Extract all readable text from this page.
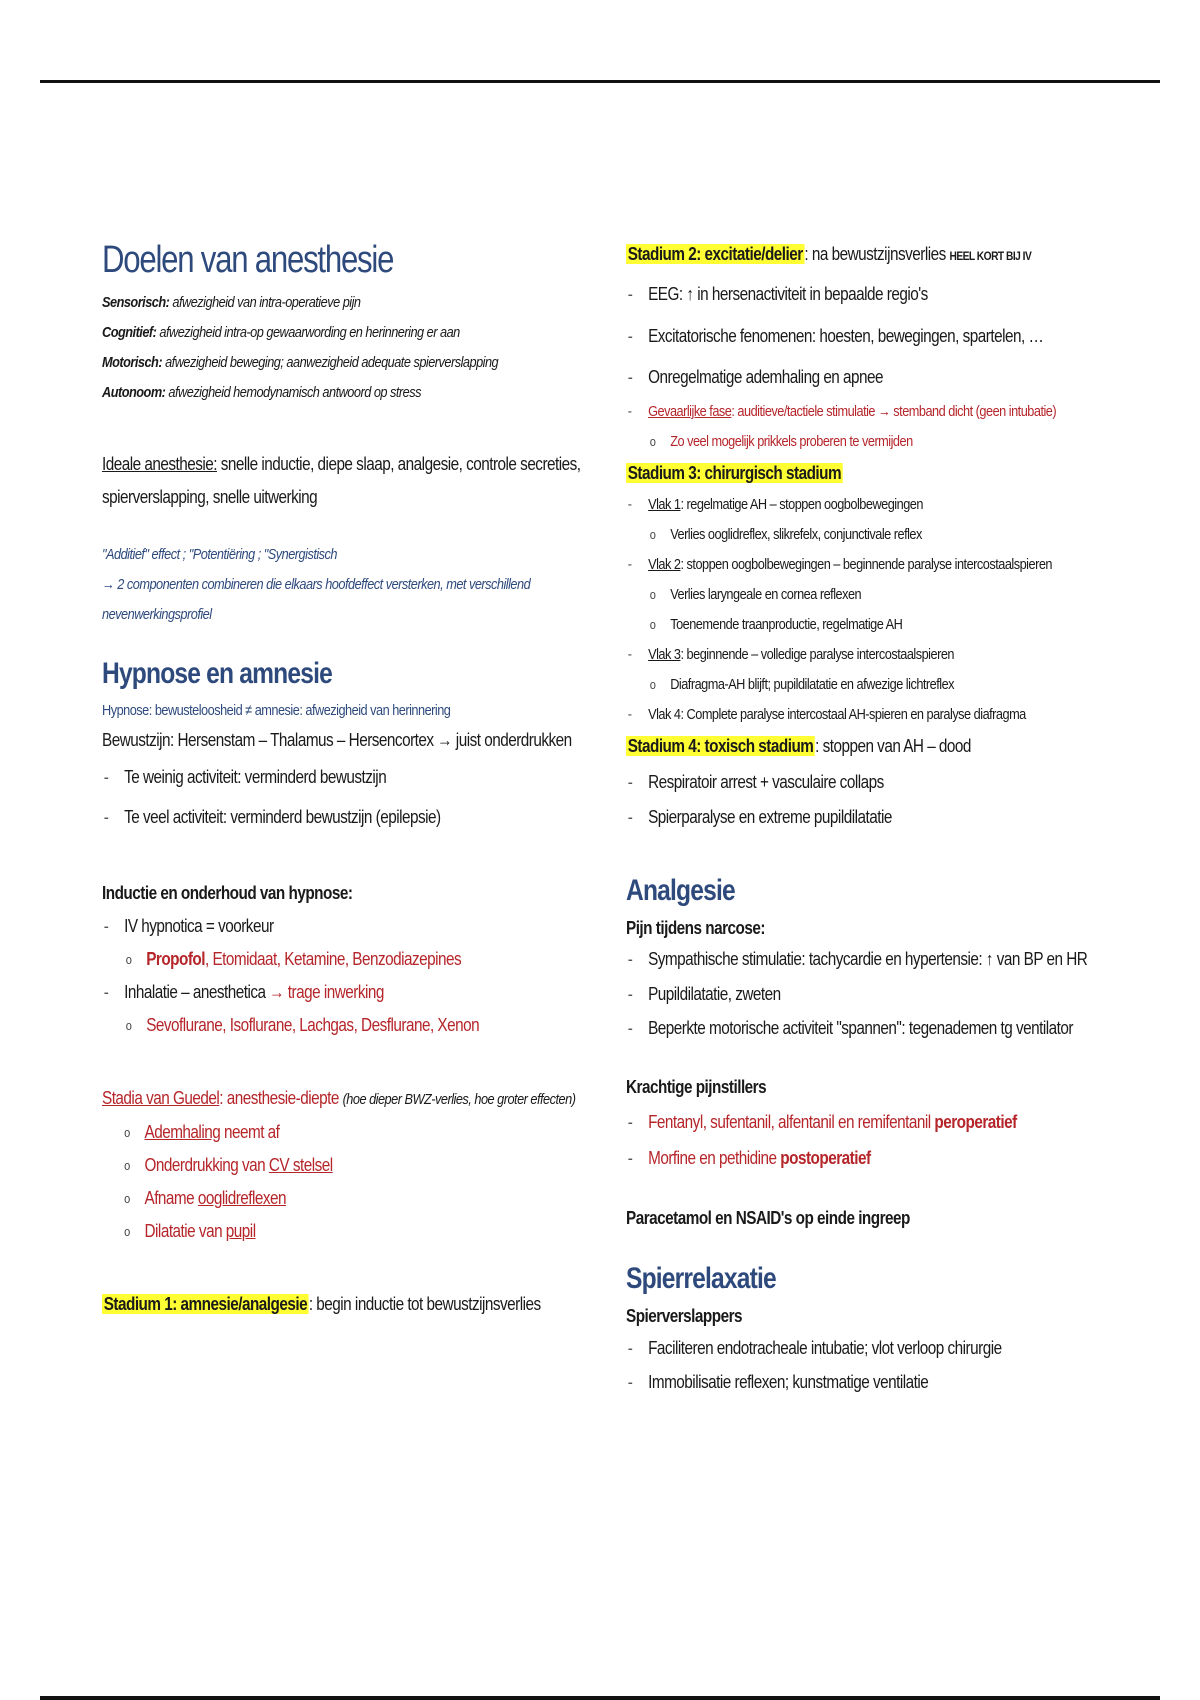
Doelen van anesthesie
Sensorisch: afwezigheid van intra-operatieve pijn
Cognitief: afwezigheid intra-op gewaarwording en herinnering er aan
Motorisch: afwezigheid beweging; aanwezigheid adequate spierverslapping
Autonoom: afwezigheid hemodynamisch antwoord op stress
Ideale anesthesie: snelle inductie, diepe slaap, analgesie, controle secreties,
spierverslapping, snelle uitwerking
"Additief" effect ; "Potentiëring ; "Synergistisch
→ 2 componenten combineren die elkaars hoofdeffect versterken, met verschillend
nevenwerkingsprofiel
Hypnose en amnesie
Hypnose: bewusteloosheid ≠ amnesie: afwezigheid van herinnering
Bewustzijn: Hersenstam – Thalamus – Hersencortex → juist onderdrukken
- Te weinig activiteit: verminderd bewustzijn
- Te veel activiteit: verminderd bewustzijn (epilepsie)
Inductie en onderhoud van hypnose:
- IV hypnotica = voorkeur
o Propofol, Etomidaat, Ketamine, Benzodiazepines
- Inhalatie – anesthetica → trage inwerking
o Sevoflurane, Isoflurane, Lachgas, Desflurane, Xenon
Stadia van Guedel: anesthesie-diepte (hoe dieper BWZ-verlies, hoe groter effecten)
o Ademhaling neemt af
o Onderdrukking van CV stelsel
o Afname ooglidreflexen
o Dilatatie van pupil
Stadium 1: amnesie/analgesie: begin inductie tot bewustzijnsverlies
Stadium 2: excitatie/delier: na bewustzijnsverlies HEEL KORT BIJ IV
- EEG: ↑ in hersenactiviteit in bepaalde regio's
- Excitatorische fenomenen: hoesten, bewegingen, spartelen, …
- Onregelmatige ademhaling en apnee
- Gevaarlijke fase: auditieve/tactiele stimulatie → stemband dicht (geen intubatie)
o Zo veel mogelijk prikkels proberen te vermijden
Stadium 3: chirurgisch stadium
- Vlak 1: regelmatige AH – stoppen oogbolbewegingen
o Verlies ooglidreflex, slikrefelx, conjunctivale reflex
- Vlak 2: stoppen oogbolbewegingen – beginnende paralyse intercostaalspieren
o Verlies laryngeale en cornea reflexen
o Toenemende traanproductie, regelmatige AH
- Vlak 3: beginnende – volledige paralyse intercostaalspieren
o Diafragma-AH blijft; pupildilatatie en afwezige lichtreflex
- Vlak 4: Complete paralyse intercostaal AH-spieren en paralyse diafragma
Stadium 4: toxisch stadium: stoppen van AH – dood
- Respiratoir arrest + vasculaire collaps
- Spierparalyse en extreme pupildilatatie
Analgesie
Pijn tijdens narcose:
- Sympathische stimulatie: tachycardie en hypertensie: ↑ van BP en HR
- Pupildilatatie, zweten
- Beperkte motorische activiteit "spannen": tegenademen tg ventilator
Krachtige pijnstillers
- Fentanyl, sufentanil, alfentanil en remifentanil peroperatief
- Morfine en pethidine postoperatief
Paracetamol en NSAID's op einde ingreep
Spierrelaxatie
Spierverslappers
- Faciliteren endotracheale intubatie; vlot verloop chirurgie
- Immobilisatie reflexen; kunstmatige ventilatie
